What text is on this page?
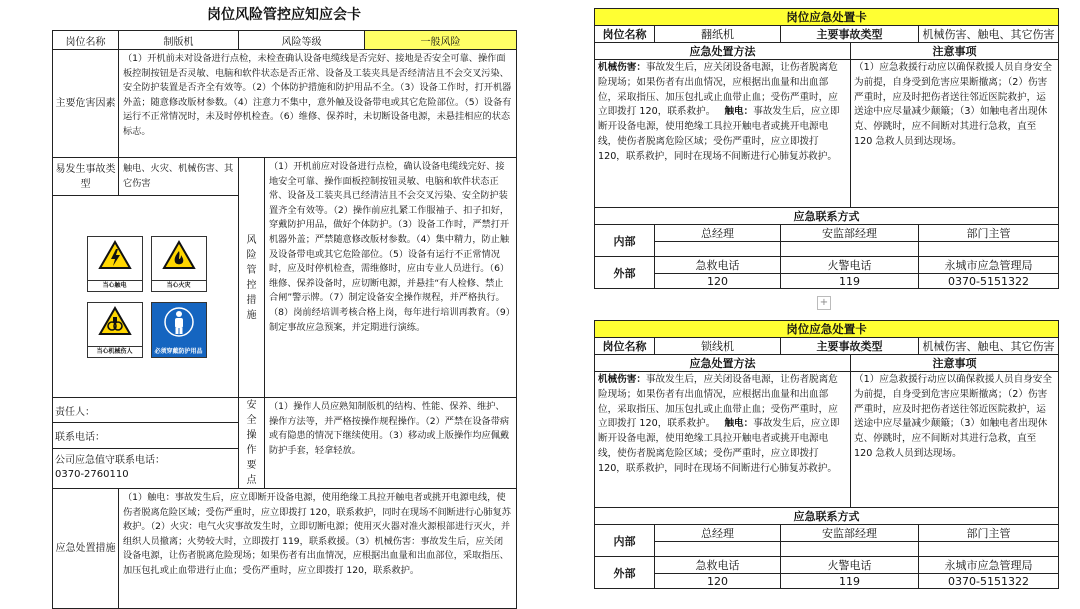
岗位风险管控应知应会卡
岗位名称	制版机	风险等级		一般风险
主要危害因素	（1）开机前未对设备进行点检，未检查确认设备电缆线是否完好、接地是否安全可靠、操作面板控制按钮是否灵敏、电脑和软件状态是否正常、设备及工装夹具是否经清洁且不会交叉污染、安全防护装置是否齐全有效等。（2）个体防护措施和防护用品不全。（3）设备工作时，打开机器外盖；随意修改版材参数。（4）注意力不集中，意外触及设备带电或其它危险部位。（5）设备有运行不正常情况时，未及时停机检查。（6）维修、保养时，未切断设备电源，未悬挂相应的状态标志。			
易发生事故类型	触电、火灾、机械伤害、其它伤害	风险管控措施	（1）开机前应对设备进行点检，确认设备电缆线完好、接地安全可靠、操作面板控制按钮灵敏、电脑和软件状态正常、设备及工装夹具已经清洁且不会交叉污染、安全防护装置齐全有效等。（2）操作前应扎紧工作服袖子、扣子扣好，穿戴防护用品，做好个体防护。（3）设备工作时，严禁打开机器外盖；严禁随意修改版材参数。（4）集中精力，防止触及设备带电或其它危险部位。（5）设备有运行不正常情况时，应及时停机检查，需维修时，应由专业人员进行。（6）维修、保养设备时，应切断电源，并悬挂“有人检修、禁止合闸”警示牌。（7）制定设备安全操作规程，并严格执行。（8）岗前经培训考核合格上岗，每年进行培训再教育。（9）制定事故应急预案，并定期进行演练。	

当心触电 当心火灾
当心机械伤人 必须穿戴防护用品				

责任人：		安全操作要点	（1）操作人员应熟知制版机的结构、性能、保养、维护、操作方法等，并严格按操作规程操作。（2）严禁在设备带病或有隐患的情况下继续使用。（3）移动或上版操作均应佩戴防护手套，轻拿轻放。	
联系电话：				

公司应急值守联系电话：
0370-2760110				

应急处置措施	（1）触电：事故发生后，应立即断开设备电源，使用绝缘工具拉开触电者或挑开电源电线，使伤者脱离危险区域；受伤严重时，应立即拨打 120，联系救护，同时在现场不间断进行心肺复苏救护。（2）火灾：电气火灾事故发生时，立即切断电源；使用灭火器对准火源根部进行灭火，并组织人员撤离；火势较大时，立即拨打 119，联系救援。（3）机械伤害：事故发生后，应关闭设备电源，让伤者脱离危险现场；如果伤者有出血情况，应根据出血量和出血部位，采取指压、加压包扎或止血带进行止血；受伤严重时，应立即拨打 120，联系救护。			
岗位应急处置卡				
岗位名称	翻纸机	主要事故类型		机械伤害、触电、其它伤害
应急处置方法			注意事项	
机械伤害：事故发生后，应关闭设备电源，让伤者脱离危险现场；如果伤者有出血情况，应根据出血量和出血部位，采取指压、加压包扎或止血带止血；受伤严重时，应立即拨打 120，联系救护。 触电：事故发生后，应立即断开设备电源，使用绝缘工具拉开触电者或挑开电源电线，使伤者脱离危险区域；受伤严重时，应立即拨打 120，联系救护，同时在现场不间断进行心肺复苏救护。			（1）应急救援行动应以确保救援人员自身安全为前提，自身受到危害应果断撤离；（2）伤害严重时，应及时把伤者送往邻近医院救护，运送途中应尽量减少颠簸；（3）如触电者出现休克、停跳时，应不间断对其进行急救，直至 120 急救人员到达现场。	
应急联系方式				
内部	总经理	安监部经理		部门主管

外部	急救电话	火警电话		永城市应急管理局
	120	119		0370-5151322
+
岗位应急处置卡				
岗位名称	锁线机	主要事故类型		机械伤害、触电、其它伤害
应急处置方法			注意事项	
机械伤害：事故发生后，应关闭设备电源，让伤者脱离危险现场；如果伤者有出血情况，应根据出血量和出血部位，采取指压、加压包扎或止血带止血；受伤严重时，应立即拨打 120，联系救护。 触电：事故发生后，应立即断开设备电源，使用绝缘工具拉开触电者或挑开电源电线，使伤者脱离危险区域；受伤严重时，应立即拨打 120，联系救护，同时在现场不间断进行心肺复苏救护。			（1）应急救援行动应以确保救援人员自身安全为前提，自身受到危害应果断撤离；（2）伤害严重时，应及时把伤者送往邻近医院救护，运送途中应尽量减少颠簸；（3）如触电者出现休克、停跳时，应不间断对其进行急救，直至 120 急救人员到达现场。	
应急联系方式				
内部	总经理	安监部经理		部门主管

外部	急救电话	火警电话		永城市应急管理局
	120	119		0370-5151322
